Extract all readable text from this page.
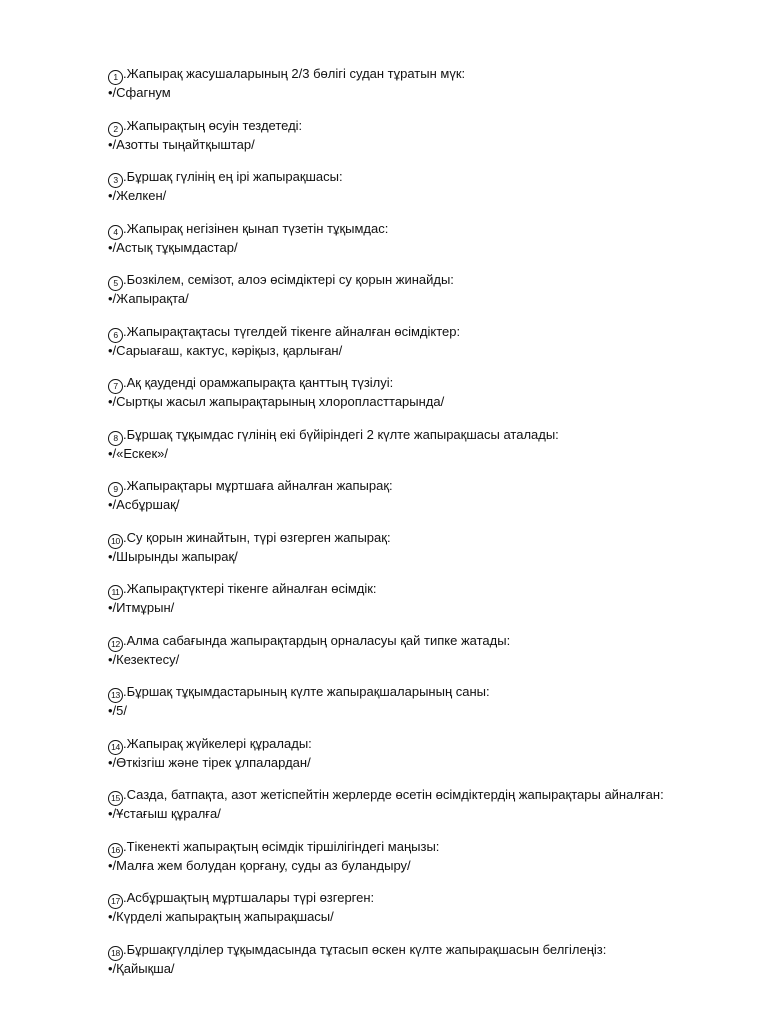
1 .Жапырақ жасушаларының 2/3 бөлігі судан тұратын мүк:
•/Сфагнум
2 .Жапырақтың өсуін тездетеді:
•/Азотты тыңайтқыштар/
3 .Бұршақ гүлінің ең ірі жапырақшасы:
•/Желкен/
4 .Жапырақ негізінен қынап түзетін тұқымдас:
•/Астық тұқымдастар/
5 .Бозкілем, семізот, алоэ өсімдіктері су қорын жинайды:
•/Жапырақта/
6 .Жапырақтақтасы түгелдей тікенге айналған өсімдіктер:
•/Сарыағаш, кактус, кәріқыз, қарлыған/
7 .Ақ қауденді орамжапырақта қанттың түзілуі:
•/Сыртқы жасыл жапырақтарының хлоропласттарында/
8 .Бұршақ тұқымдас гүлінің екі бүйіріндегі 2 күлте жапырақшасы аталады:
•/«Ескек»/
9 .Жапырақтары мұртшаға айналған жапырақ:
•/Асбұршақ/
10 .Су қорын жинайтын, түрі өзгерген жапырақ:
•/Шырынды жапырақ/
11 .Жапырақтүктері тікенге айналған өсімдік:
•/Итмұрын/
12 .Алма сабағында жапырақтардың орналасуы қай типке жатады:
•/Кезектесу/
13 .Бұршақ тұқымдастарының күлте жапырақшаларының саны:
•/5/
14 .Жапырақ жүйкелері құралады:
•/Өткізгіш және тірек ұлпалардан/
15 .Сазда, батпақта, азот жетіспейтін жерлерде өсетін өсімдіктердің жапырақтары айналған:
•/Ұстағыш құралға/
16 .Тікенекті жапырақтың өсімдік тіршілігіндегі маңызы:
•/Малға жем болудан қорғану, суды аз буландыру/
17 .Асбұршақтың мұртшалары түрі өзгерген:
•/Күрделі жапырақтың жапырақшасы/
18 .Бұршақгүлділер тұқымдасында тұтасып өскен күлте жапырақшасын белгілеңіз:
•/Қайықша/
